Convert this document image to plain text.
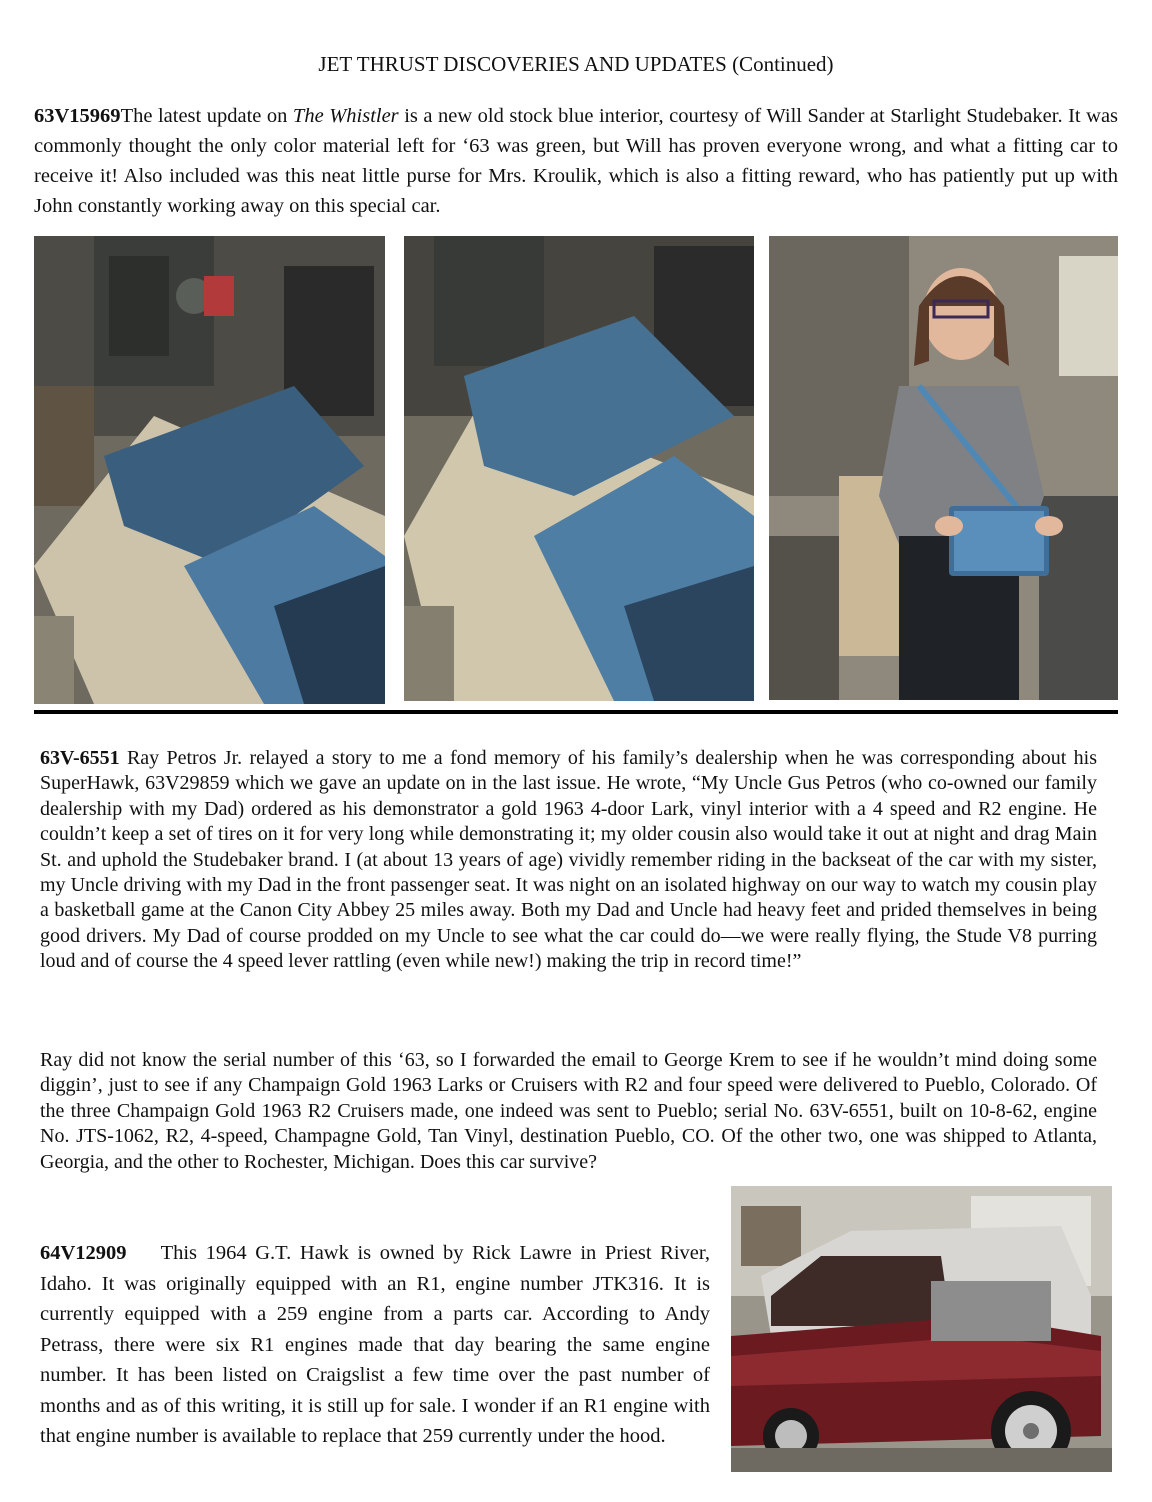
JET THRUST DISCOVERIES AND UPDATES (Continued)

63V15969The latest update on The Whistler is a new old stock blue interior, courtesy of Will Sander at Starlight Studebaker. It was commonly thought the only color material left for ‘63 was green, but Will has proven everyone wrong, and what a fitting car to receive it! Also included was this neat little purse for Mrs. Kroulik, which is also a fitting reward, who has patiently put up with John constantly working away on this special car.

63V-6551 Ray Petros Jr. relayed a story to me a fond memory of his family’s dealership when he was corresponding about his SuperHawk, 63V29859 which we gave an update on in the last issue. He wrote, “My Uncle Gus Petros (who co-owned our family dealership with my Dad) ordered as his demonstrator a gold 1963 4-door Lark, vinyl interior with a 4 speed and R2 engine. He couldn’t keep a set of tires on it for very long while demonstrating it; my older cousin also would take it out at night and drag Main St. and uphold the Studebaker brand. I (at about 13 years of age) vividly remember riding in the backseat of the car with my sister, my Uncle driving with my Dad in the front passenger seat. It was night on an isolated highway on our way to watch my cousin play a basketball game at the Canon City Abbey 25 miles away. Both my Dad and Uncle had heavy feet and prided themselves in being good drivers. My Dad of course prodded on my Uncle to see what the car could do—we were really flying, the Stude V8 purring loud and of course the 4 speed lever rattling (even while new!) making the trip in record time!”

Ray did not know the serial number of this ‘63, so I forwarded the email to George Krem to see if he wouldn’t mind doing some diggin’, just to see if any Champaign Gold 1963 Larks or Cruisers with R2 and four speed were delivered to Pueblo, Colorado. Of the three Champaign Gold 1963 R2 Cruisers made, one indeed was sent to Pueblo; serial No. 63V-6551, built on 10-8-62, engine No. JTS-1062, R2, 4-speed, Champagne Gold, Tan Vinyl, destination Pueblo, CO. Of the other two, one was shipped to Atlanta, Georgia, and the other to Rochester, Michigan. Does this car survive?

64V12909 This 1964 G.T. Hawk is owned by Rick Lawre in Priest River, Idaho. It was originally equipped with an R1, engine number JTK316. It is currently equipped with a 259 engine from a parts car. According to Andy Petrass, there were six R1 engines made that day bearing the same engine number. It has been listed on Craigslist a few time over the past number of months and as of this writing, it is still up for sale. I wonder if an R1 engine with that engine number is available to replace that 259 currently under the hood.
